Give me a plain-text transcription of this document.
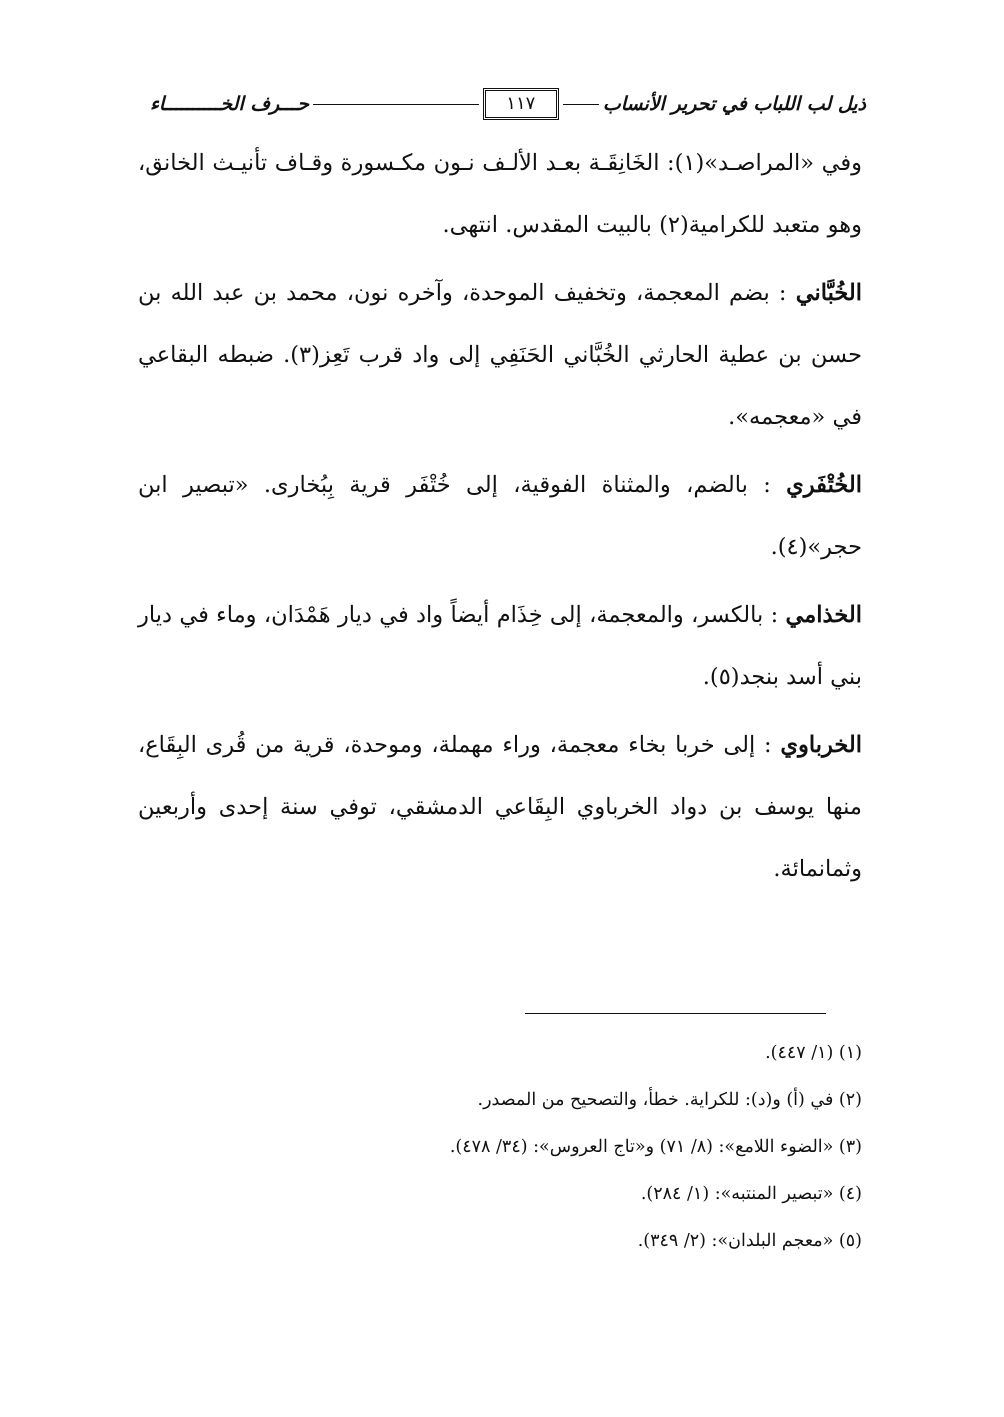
ذيل لب اللباب في تحرير الأنساب
١١٧
حـــرف الخــــــــــاء

وفي «المراصـد»(١): الخَانِقَـة بعـد الألـف نـون مكـسورة وقـاف تأنيـث الخانق، وهو متعبد للكرامية(٢) بالبيت المقدس. انتهى.

الخُبَّاني : بضم المعجمة، وتخفيف الموحدة، وآخره نون، محمد بن عبد الله بن حسن بن عطية الحارثي الخُبَّاني الحَنَفِي إلى واد قرب تَعِز(٣). ضبطه البقاعي في «معجمه».

الخُتْفَري : بالضم، والمثناة الفوقية، إلى خُتْفَر قرية بِبُخارى. «تبصير ابن حجر»(٤).

الخذامي : بالكسر، والمعجمة، إلى خِذَام أيضاً واد في ديار هَمْدَان، وماء في ديار بني أسد بنجد(٥).

الخرباوي : إلى خربا بخاء معجمة، وراء مهملة، وموحدة، قرية من قُرى البِقَاع، منها يوسف بن دواد الخرباوي البِقَاعي الدمشقي، توفي سنة إحدى وأربعين وثمانمائة.

(١) (١/ ٤٤٧).
(٢) في (أ) و(د): للكراية. خطأ، والتصحيح من المصدر.
(٣) «الضوء اللامع»: (٨/ ٧١) و«تاج العروس»: (٣٤/ ٤٧٨).
(٤) «تبصير المنتبه»: (١/ ٢٨٤).
(٥) «معجم البلدان»: (٢/ ٣٤٩).
